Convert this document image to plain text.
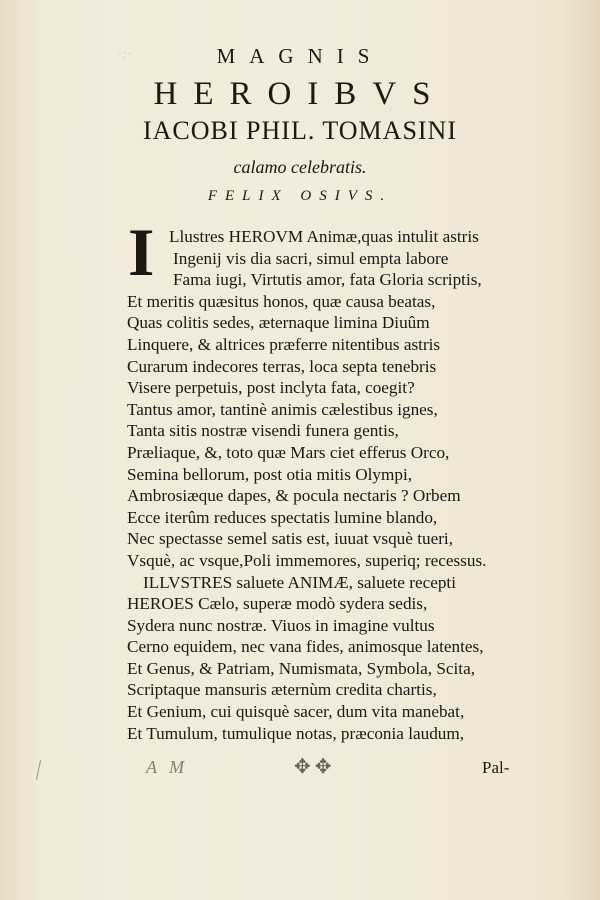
·:·	MAGNIS
HEROIBVS
IACOBI PHIL. TOMASINI
calamo celebratis.
FELIX OSIVS.
I Llustres HEROVM Animæ,quas intulit astris
Ingenij vis dia sacri, simul empta labore
Fama iugi, Virtutis amor, fata Gloria scriptis,
Et meritis quæsitus honos, quæ causa beatas,
Quas colitis sedes, æternaque limina Diuûm
Linquere, & altrices præferre nitentibus astris
Curarum indecores terras, loca septa tenebris
Visere perpetuis, post inclyta fata, coegit?
Tantus amor, tantinè animis cælestibus ignes,
Tanta sitis nostræ visendi funera gentis,
Præliaque, &, toto quæ Mars ciet efferus Orco,
Semina bellorum, post otia mitis Olympi,
Ambrosiæque dapes, & pocula nectaris ? Orbem
Ecce iterûm reduces spectatis lumine blando,
Nec spectasse semel satis est, iuuat vsquè tueri,
Vsquè, ac vsque,Poli immemores, superiq; recessus.
ILLVSTRES saluete ANIMÆ, saluete recepti
HEROES Cælo, superæ modò sydera sedis,
Sydera nunc nostræ. Viuos in imagine vultus
Cerno equidem, nec vana fides, animosque latentes,
Et Genus, & Patriam, Numismata, Symbola, Scita,
Scriptaque mansuris æternùm credita chartis,
Et Genium, cui quisquè sacer, dum vita manebat,
Et Tumulum, tumulique notas, præconia laudum,
A M	✥✥	Pal-
